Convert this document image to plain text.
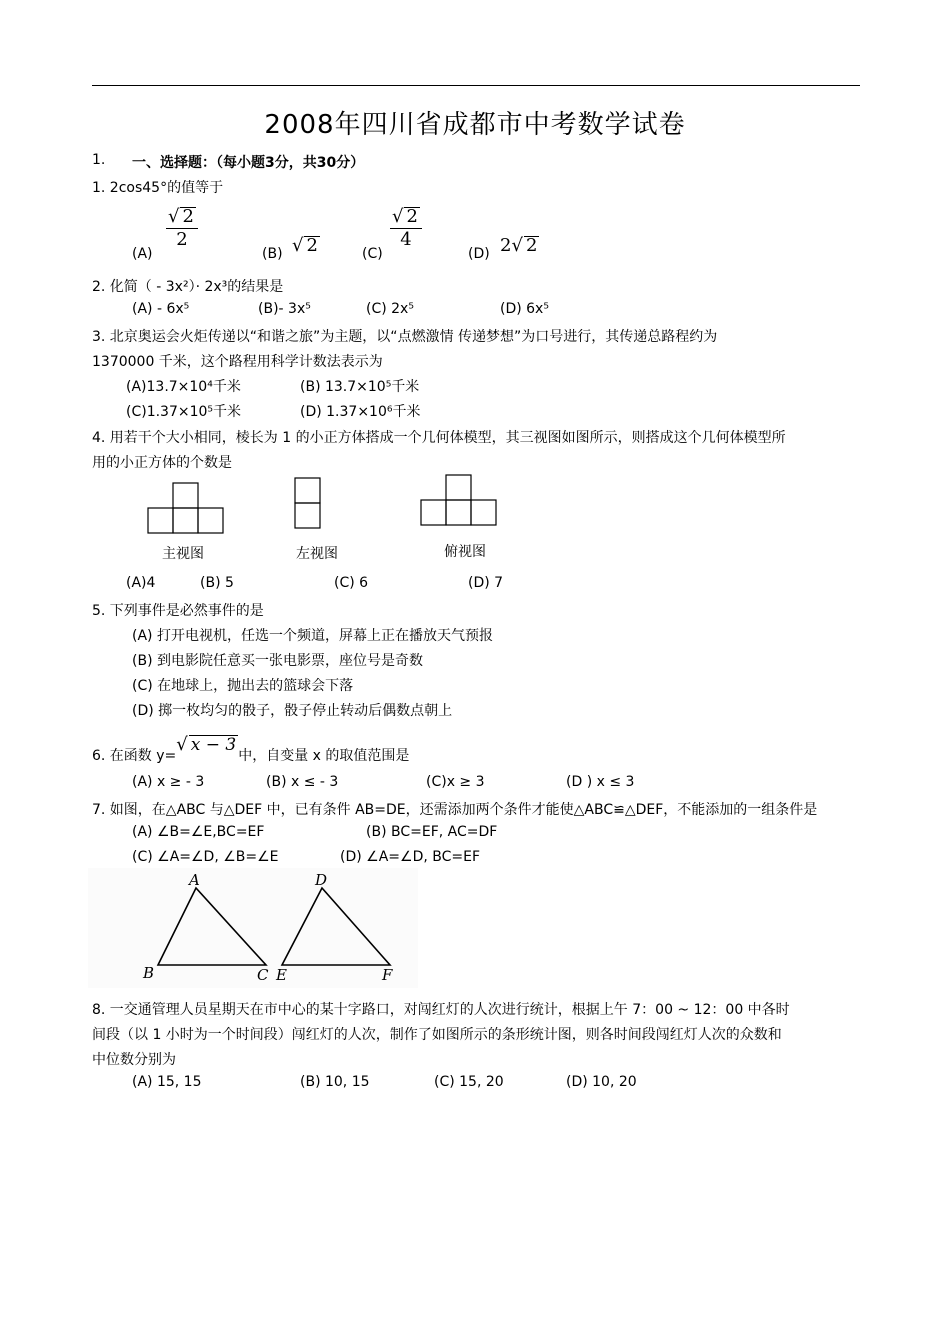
2008年四川省成都市中考数学试卷
1. 一、选择题：（每小题3分，共30分）
1. 2cos45°的值等于
(A)
$\frac{√ 2}{2}$
(B) √ 2	(C)
$\frac{√ 2}{4}$
(D) 2√ 2
2. 化简（ - 3x²）· 2x³的结果是
(A) - 6x⁵	(B)- 3x⁵	(C) 2x⁵	(D) 6x⁵
3. 北京奥运会火炬传递以“和谐之旅”为主题，以“点燃激情 传递梦想”为口号进行，其传递总路程约为
1370000 千米，这个路程用科学计数法表示为
(A)13.7×10⁴千米	(B) 13.7×10⁵千米
(C)1.37×10⁵千米	(D) 1.37×10⁶千米
4. 用若干个大小相同，棱长为 1 的小正方体搭成一个几何体模型，其三视图如图所示，则搭成这个几何体模型所
用的小正方体的个数是
主视图	左视图	俯视图
(A)4	(B) 5	(C) 6	(D) 7
5. 下列事件是必然事件的是
(A) 打开电视机，任选一个频道，屏幕上正在播放天气预报
(B) 到电影院任意买一张电影票，座位号是奇数
(C) 在地球上，抛出去的篮球会下落
(D) 掷一枚均匀的骰子，骰子停止转动后偶数点朝上
6. 在函数 y=√ x − 3中，自变量 x 的取值范围是
(A) x ≥ - 3	(B) x ≤ - 3	(C)x ≥ 3	(D ) x ≤ 3
7. 如图，在△ABC 与△DEF 中，已有条件 AB=DE，还需添加两个条件才能使△ABC≌△DEF，不能添加的一组条件是
(A) ∠B=∠E,BC=EF	(B) BC=EF, AC=DF
(C) ∠A=∠D, ∠B=∠E	(D) ∠A=∠D, BC=EF
A
B	C
D
E	F
8. 一交通管理人员星期天在市中心的某十字路口，对闯红灯的人次进行统计，根据上午 7：00 ~ 12：00 中各时
间段（以 1 小时为一个时间段）闯红灯的人次，制作了如图所示的条形统计图，则各时间段闯红灯人次的众数和
中位数分别为
(A) 15, 15	(B) 10, 15	(C) 15, 20	(D) 10, 20
